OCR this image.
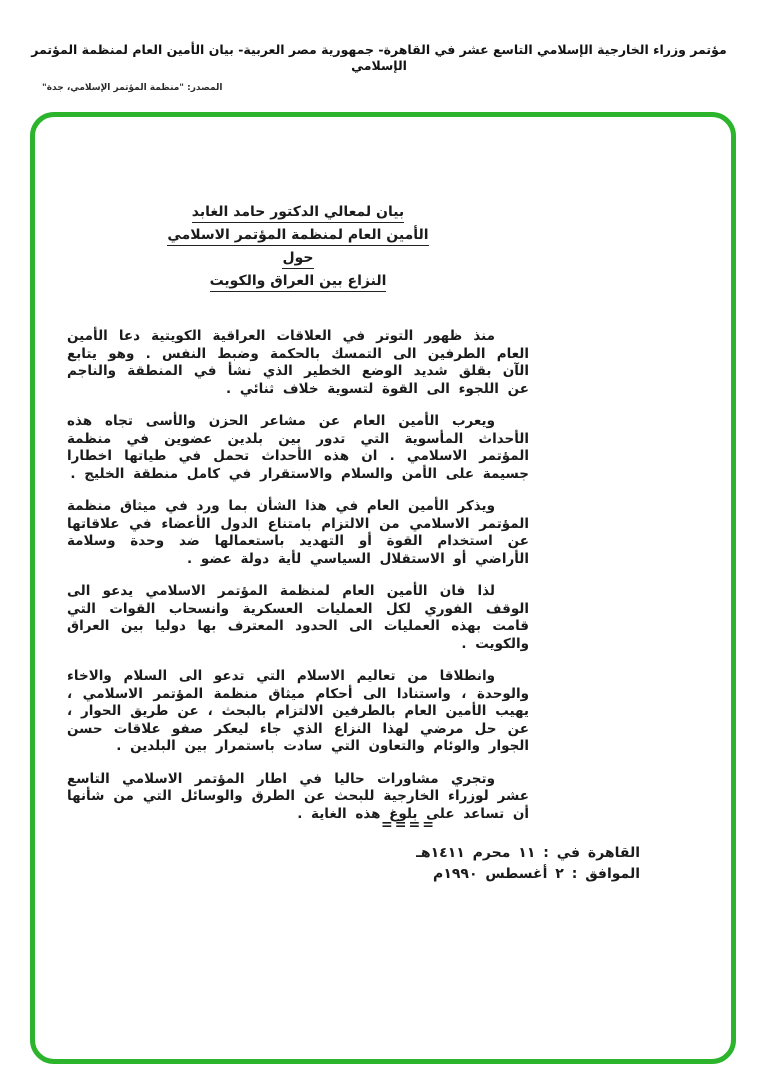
مؤتمر وزراء الخارجية الإسلامي التاسع عشر في القاهرة- جمهورية مصر العربية- بيان الأمين العام لمنظمة المؤتمر الإسلامي
المصدر: "منظمة المؤتمر الإسلامي، جدة"
بيان لمعالي الدكتور حامد الغابد
الأمين العام لمنظمة المؤتمر الاسلامي
حول
النزاع بين العراق والكويت

منذ ظهور التوتر في العلاقات العراقية الكويتية دعا الأمين العام الطرفين الى التمسك بالحكمة وضبط النفس . وهو يتابع الآن بقلق شديد الوضع الخطير الذي نشأ في المنطقة والناجم عن اللجوء الى القوة لتسوية خلاف ثنائي .

ويعرب الأمين العام عن مشاعر الحزن والأسى تجاه هذه الأحداث المأسوية التي تدور بين بلدين عضوين في منظمة المؤتمر الاسلامي . ان هذه الأحداث تحمل في طياتها اخطارا جسيمة على الأمن والسلام والاستقرار في كامل منطقة الخليج .

ويذكر الأمين العام في هذا الشأن بما ورد في ميثاق منظمة المؤتمر الاسلامي من الالتزام بامتناع الدول الأعضاء في علاقاتها عن استخدام القوة أو التهديد باستعمالها ضد وحدة وسلامة الأراضي أو الاستقلال السياسي لأية دولة عضو .

لذا فان الأمين العام لمنظمة المؤتمر الاسلامي يدعو الى الوقف الفوري لكل العمليات العسكرية وانسحاب القوات التي قامت بهذه العمليات الى الحدود المعترف بها دوليا بين العراق والكويت .

وانطلاقا من تعاليم الاسلام التي تدعو الى السلام والاخاء والوحدة ، واستنادا الى أحكام ميثاق منظمة المؤتمر الاسلامي ، يهيب الأمين العام بالطرفين الالتزام بالبحث ، عن طريق الحوار ، عن حل مرضي لهذا النزاع الذي جاء ليعكر صفو علاقات حسن الجوار والوئام والتعاون التي سادت باستمرار بين البلدين .

وتجري مشاورات حاليا في اطار المؤتمر الاسلامي التاسع عشر لوزراء الخارجية للبحث عن الطرق والوسائل التي من شأنها أن تساعد على بلوغ هذه الغاية .

====
القاهرة في : ١١ محرم ١٤١١هـ
الموافق : ٢ أغسطس ١٩٩٠م
